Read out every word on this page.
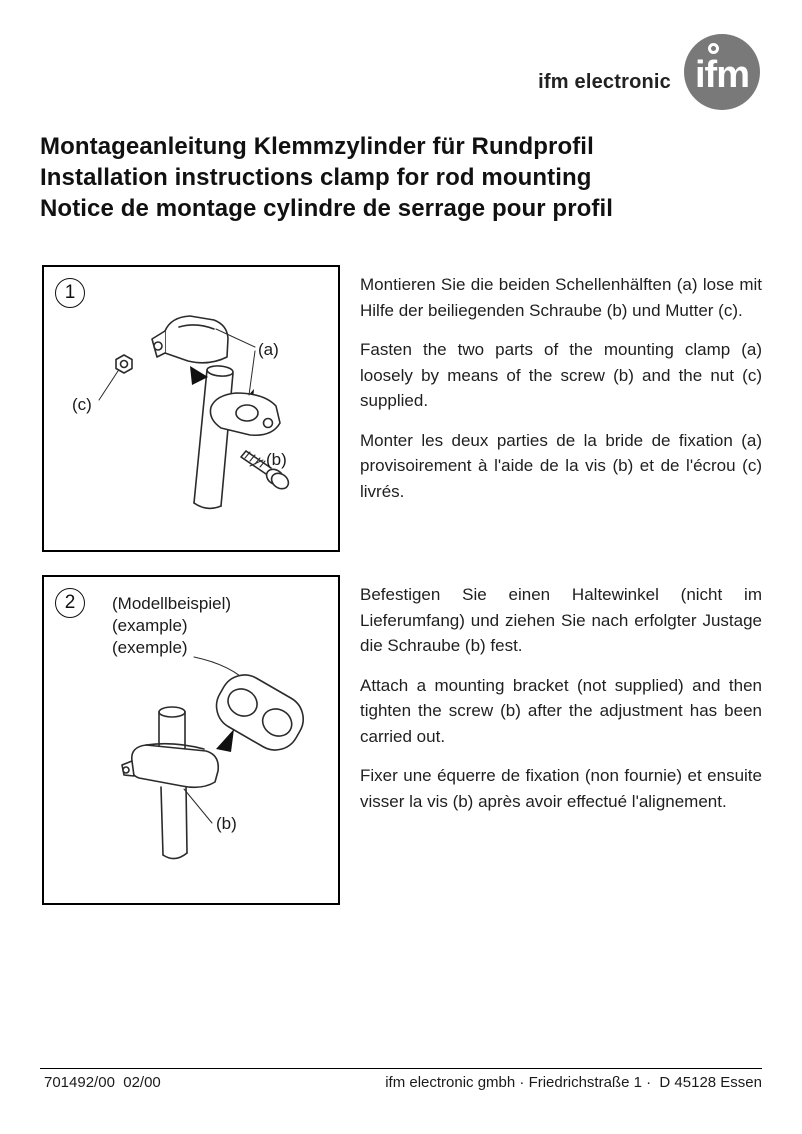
ifm electronic ifm
Montageanleitung Klemmzylinder für Rundprofil
Installation instructions clamp for rod mounting
Notice de montage cylindre de serrage pour profil
1
(a)
(c)
(b)

Montieren Sie die beiden Schellenhälften (a) lose mit Hilfe der beiliegenden Schraube (b) und Mutter (c).

Fasten the two parts of the mounting clamp (a) loosely by means of the screw (b) and the nut (c) supplied.

Monter les deux parties de la bride de fixation (a) provisoirement à l'aide de la vis (b) et de l'écrou (c) livrés.

2	(Modellbeispiel)
(example)
(exemple)
(b)

Befestigen Sie einen Haltewinkel (nicht im Lieferumfang) und ziehen Sie nach erfolgter Justage die Schraube (b) fest.

Attach a mounting bracket (not supplied) and then tighten the screw (b) after the adjustment has been carried out.

Fixer une équerre de fixation (non fournie) et ensuite visser la vis (b) après avoir effectué l'alignement.

701492/00  02/00	ifm electronic gmbh · Friedrichstraße 1 ·  D 45128 Essen
